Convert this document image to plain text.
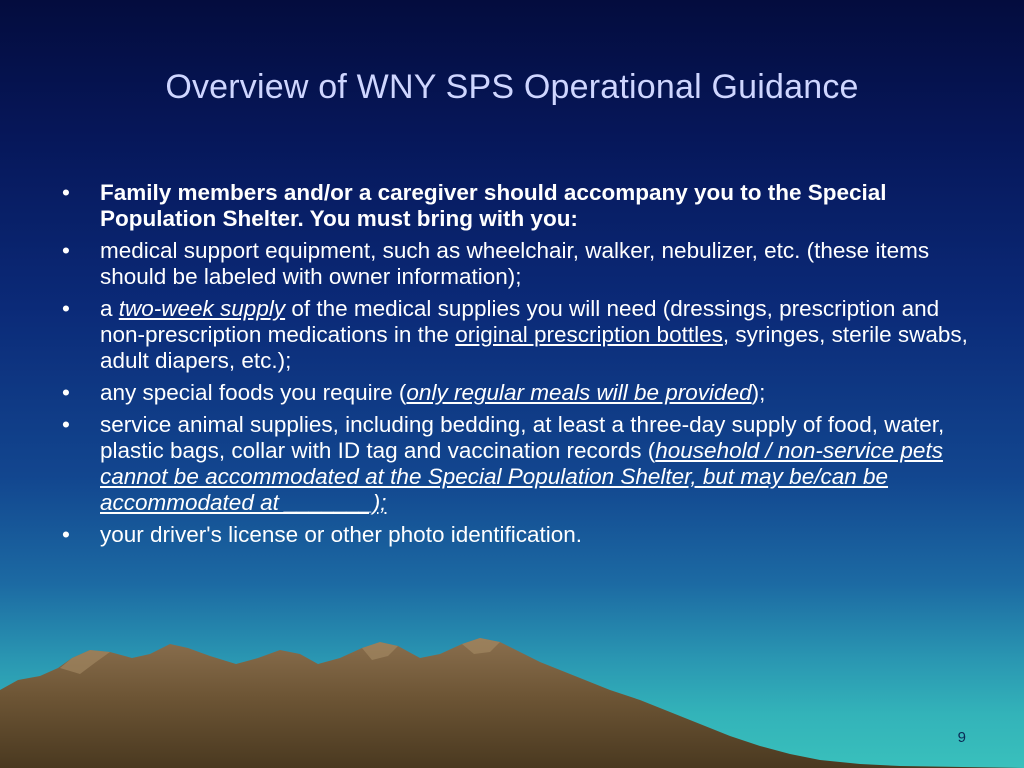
Overview of WNY SPS Operational Guidance
•	Family members and/or a caregiver should accompany you to the Special Population Shelter. You must bring with you:
•	medical support equipment, such as wheelchair, walker, nebulizer, etc. (these items should be labeled with owner information);
•	a two-week supply of the medical supplies you will need (dressings, prescription and non-prescription medications in the original prescription bottles, syringes, sterile swabs, adult diapers, etc.);
•	any special foods you require (only regular meals will be provided);
•	service animal supplies, including bedding, at least a three-day supply of food, water, plastic bags, collar with ID tag and vaccination records (household / non-service pets cannot be accommodated at the Special Population Shelter, but may be/can be accommodated at _______);
•	your driver's license or other photo identification.
9
